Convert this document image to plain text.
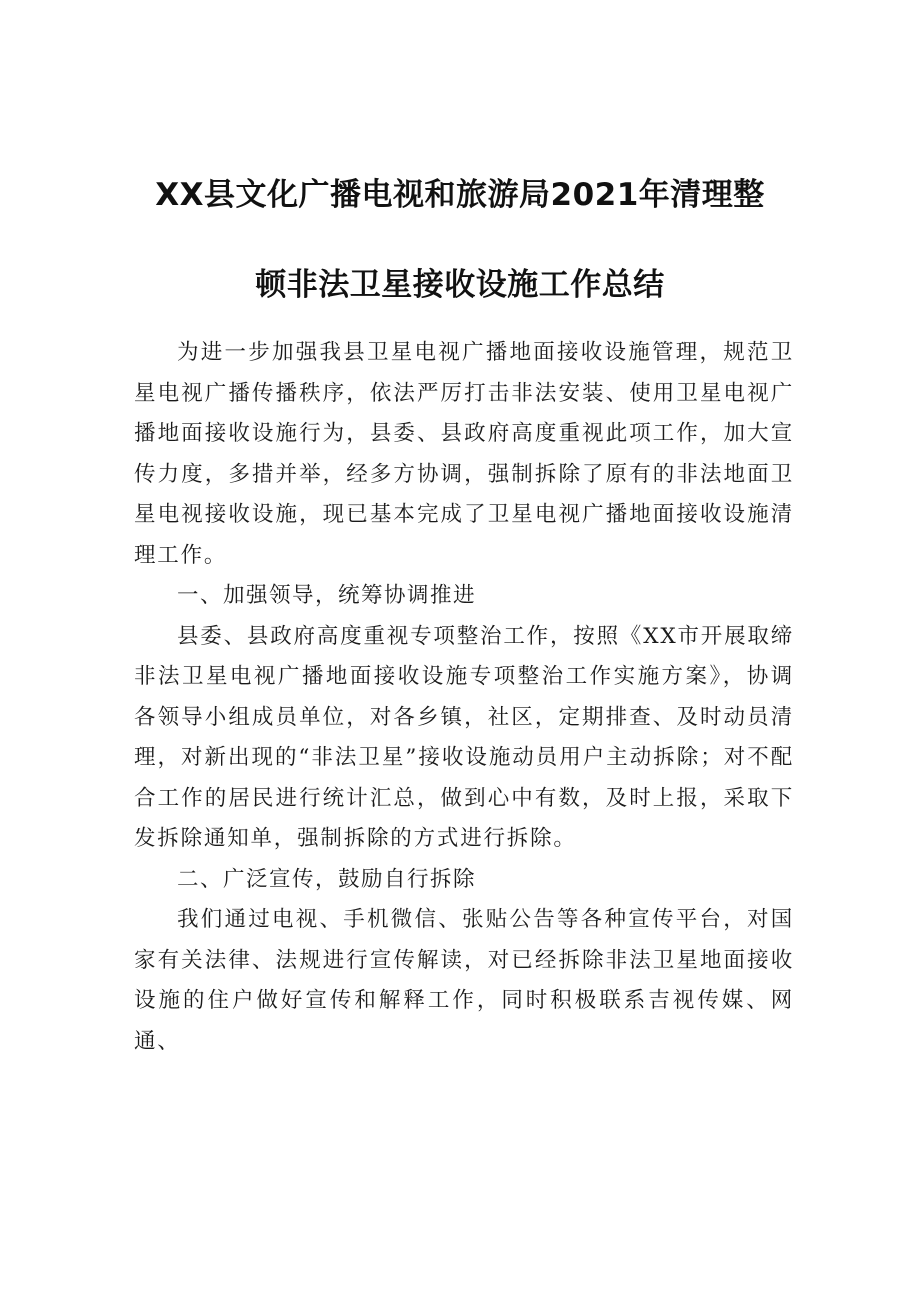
XX县文化广播电视和旅游局2021年清理整
顿非法卫星接收设施工作总结

为进一步加强我县卫星电视广播地面接收设施管理，规范卫星电视广播传播秩序，依法严厉打击非法安装、使用卫星电视广播地面接收设施行为，县委、县政府高度重视此项工作，加大宣传力度，多措并举，经多方协调，强制拆除了原有的非法地面卫星电视接收设施，现已基本完成了卫星电视广播地面接收设施清理工作。

一、加强领导，统筹协调推进

县委、县政府高度重视专项整治工作，按照《XX市开展取缔非法卫星电视广播地面接收设施专项整治工作实施方案》，协调各领导小组成员单位，对各乡镇，社区，定期排查、及时动员清理，对新出现的“非法卫星”接收设施动员用户主动拆除；对不配合工作的居民进行统计汇总，做到心中有数，及时上报，采取下发拆除通知单，强制拆除的方式进行拆除。

二、广泛宣传，鼓励自行拆除

我们通过电视、手机微信、张贴公告等各种宣传平台，对国家有关法律、法规进行宣传解读，对已经拆除非法卫星地面接收设施的住户做好宣传和解释工作，同时积极联系吉视传媒、网通、
